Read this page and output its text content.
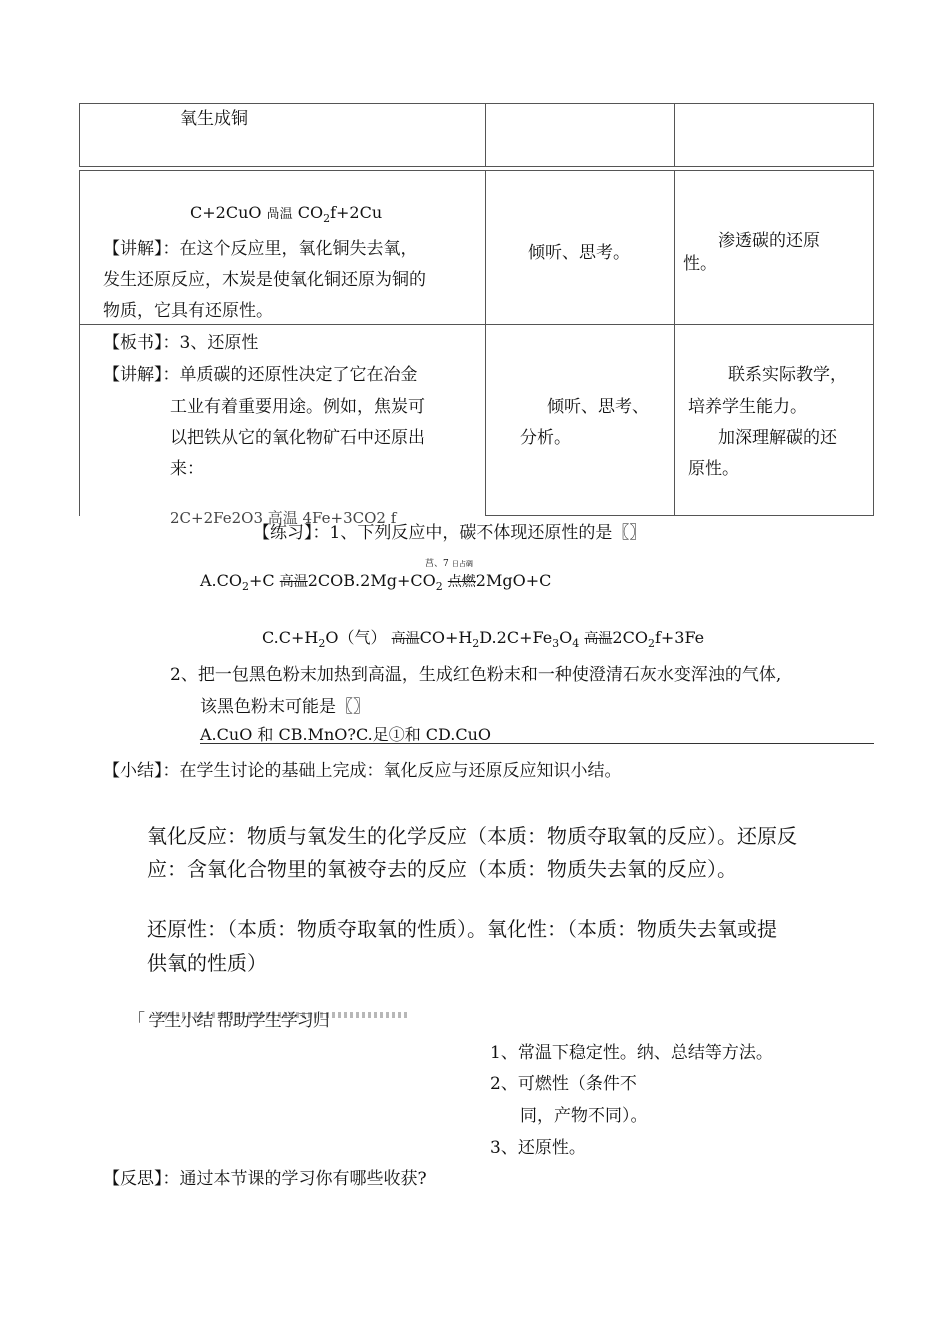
氧生成铜
C+2CuO 咼温 $CO_2f+2Cu$
【讲解】：在这个反应里，氧化铜失去氧，
发生还原反应，木炭是使氧化铜还原为铜的
物质，它具有还原性。
倾听、思考。
渗透碳的还原
性。
【板书】：3、还原性
【讲解】：单质碳的还原性决定了它在冶金
工业有着重要用途。例如，焦炭可
以把铁从它的氧化物矿石中还原出
来：
2C+2Fe2O3 高温 4Fe+3CO2 f
倾听、思考、
分析。
联系实际教学，
培养学生能力。
加深理解碳的还
原性。
【练习】：1、下列反应中，碳不体现还原性的是〖〗
莒、7 日占碉
$A.CO_2+C$ 高温$2COB.2Mg+CO_2$ 点燃2MgO+C
$C.C+H_2O$（气） 高温$CO+H_2D.2C+Fe_3O_4$ 高温$2CO_2f+3Fe$
2、把一包黑色粉末加热到高温，生成红色粉末和一种使澄清石灰水变浑浊的气体,
该黑色粉末可能是〖〗
A.CuO 和 CB.MnO?C.足①和 CD.CuO
【小结】：在学生讨论的基础上完成：氧化反应与还原反应知识小结。
氧化反应：物质与氧发生的化学反应（本质：物质夺取氧的反应）。还原反
应：含氧化合物里的氧被夺去的反应（本质：物质失去氧的反应）。
还原性：（本质：物质夺取氧的性质）。氧化性：（本质：物质失去氧或提
供氧的性质）
「 学生小结 帮助学生学习归
1、常温下稳定性。纳、总结等方法。
2、可燃性（条件不
同，产物不同）。
3、还原性。
【反思】：通过本节课的学习你有哪些收获?
